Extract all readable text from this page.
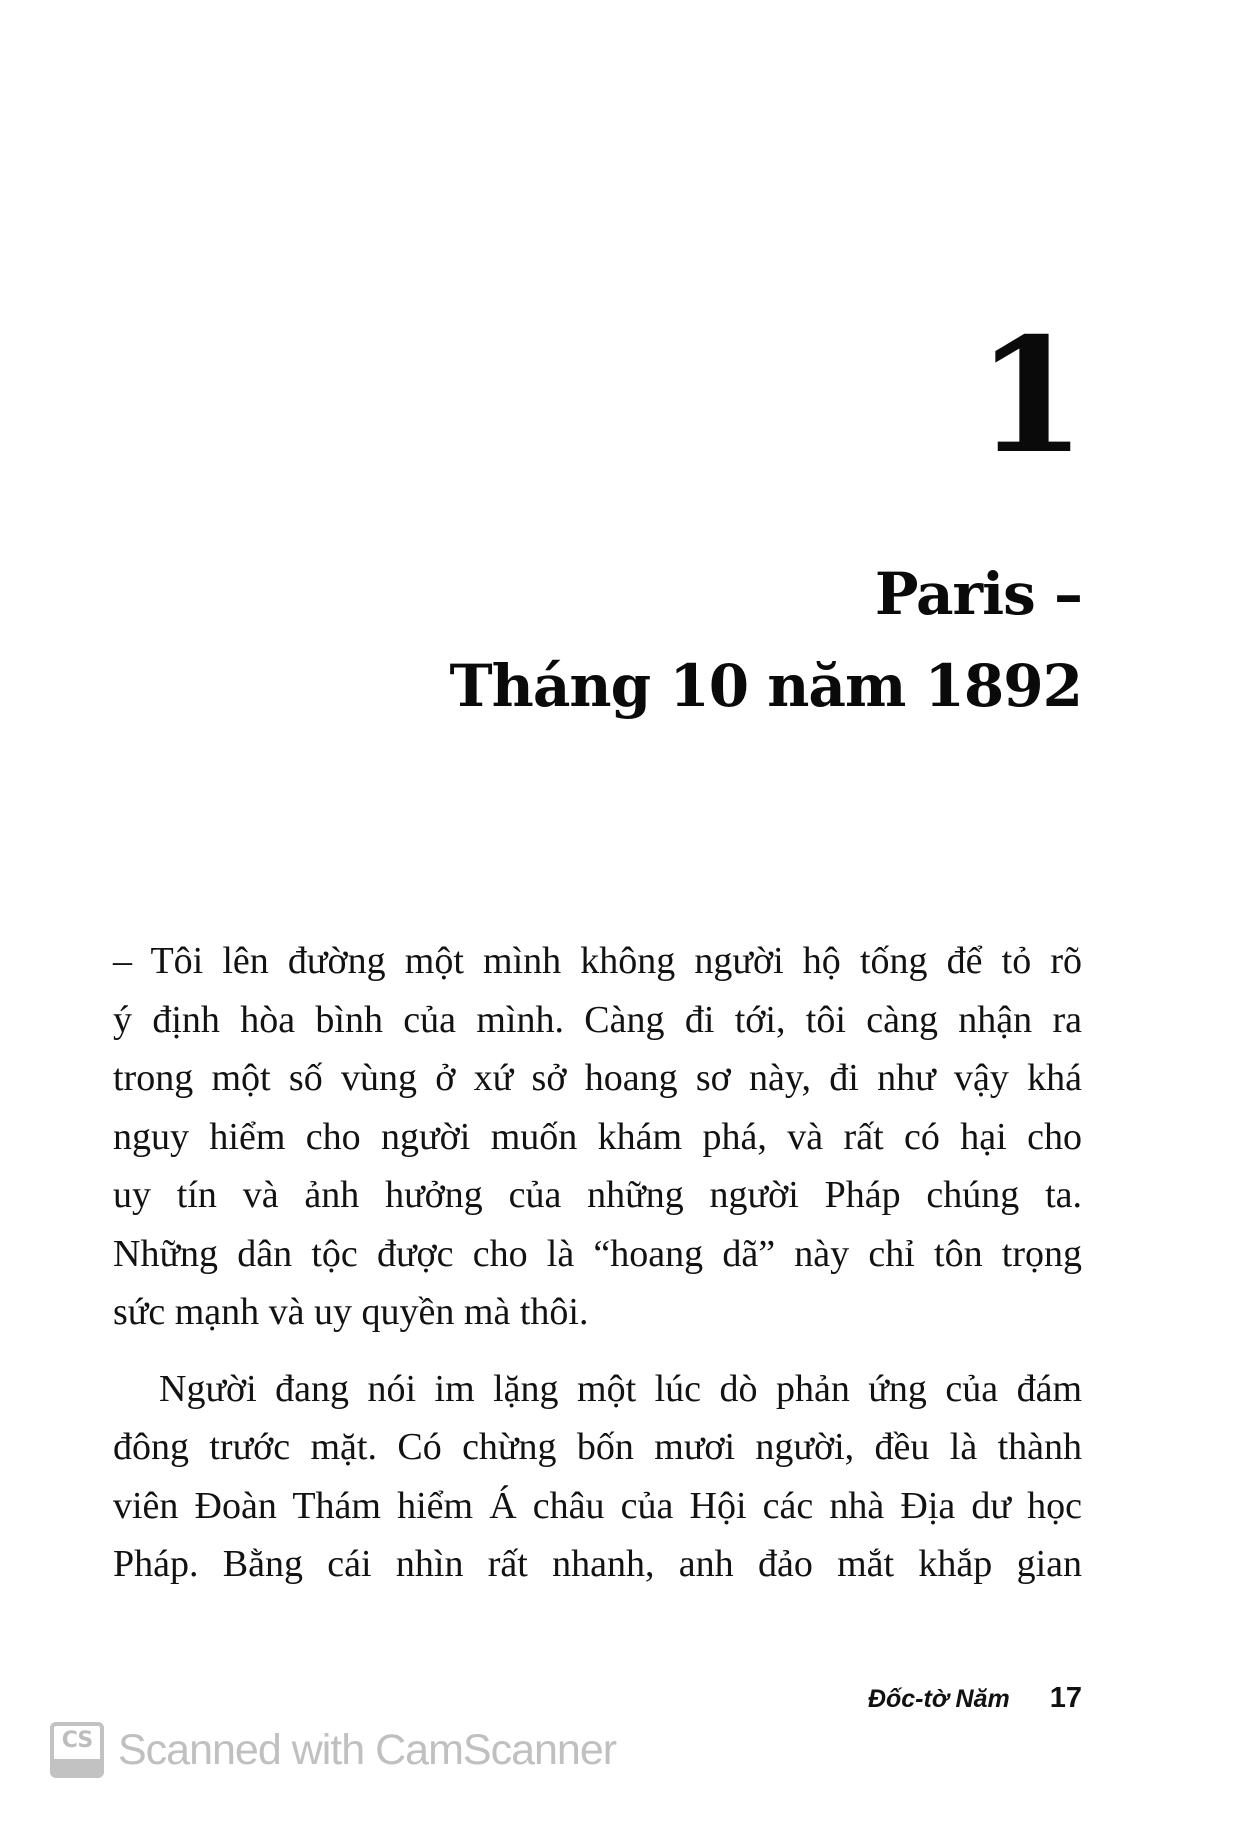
1
Paris –
Tháng 10 năm 1892
– Tôi lên đường một mình không người hộ tống để tỏ rõ
ý định hòa bình của mình. Càng đi tới, tôi càng nhận ra
trong một số vùng ở xứ sở hoang sơ này, đi như vậy khá
nguy hiểm cho người muốn khám phá, và rất có hại cho
uy tín và ảnh hưởng của những người Pháp chúng ta.
Những dân tộc được cho là “hoang dã” này chỉ tôn trọng
sức mạnh và uy quyền mà thôi.
Người đang nói im lặng một lúc dò phản ứng của đám
đông trước mặt. Có chừng bốn mươi người, đều là thành
viên Đoàn Thám hiểm Á châu của Hội các nhà Địa dư học
Pháp. Bằng cái nhìn rất nhanh, anh đảo mắt khắp gian
Đốc-tờ Năm 17
CS Scanned with CamScanner
